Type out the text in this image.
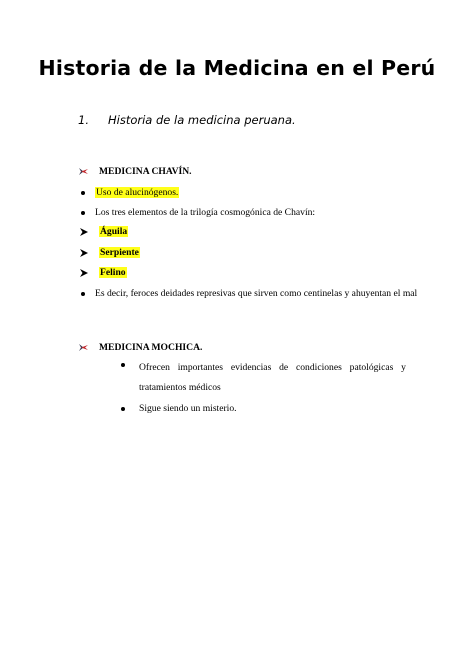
Historia de la Medicina en el Perú
1. Historia de la medicina peruana.
MEDICINA CHAVÍN.
Uso de alucinógenos.
Los tres elementos de la trilogía cosmogónica de Chavín:
Águila
Serpiente
Felino
Es decir, feroces deidades represivas que sirven como centinelas y ahuyentan el mal
MEDICINA MOCHICA.
Ofrecen importantes evidencias de condiciones patológicas y
tratamientos médicos
Sigue siendo un misterio.
